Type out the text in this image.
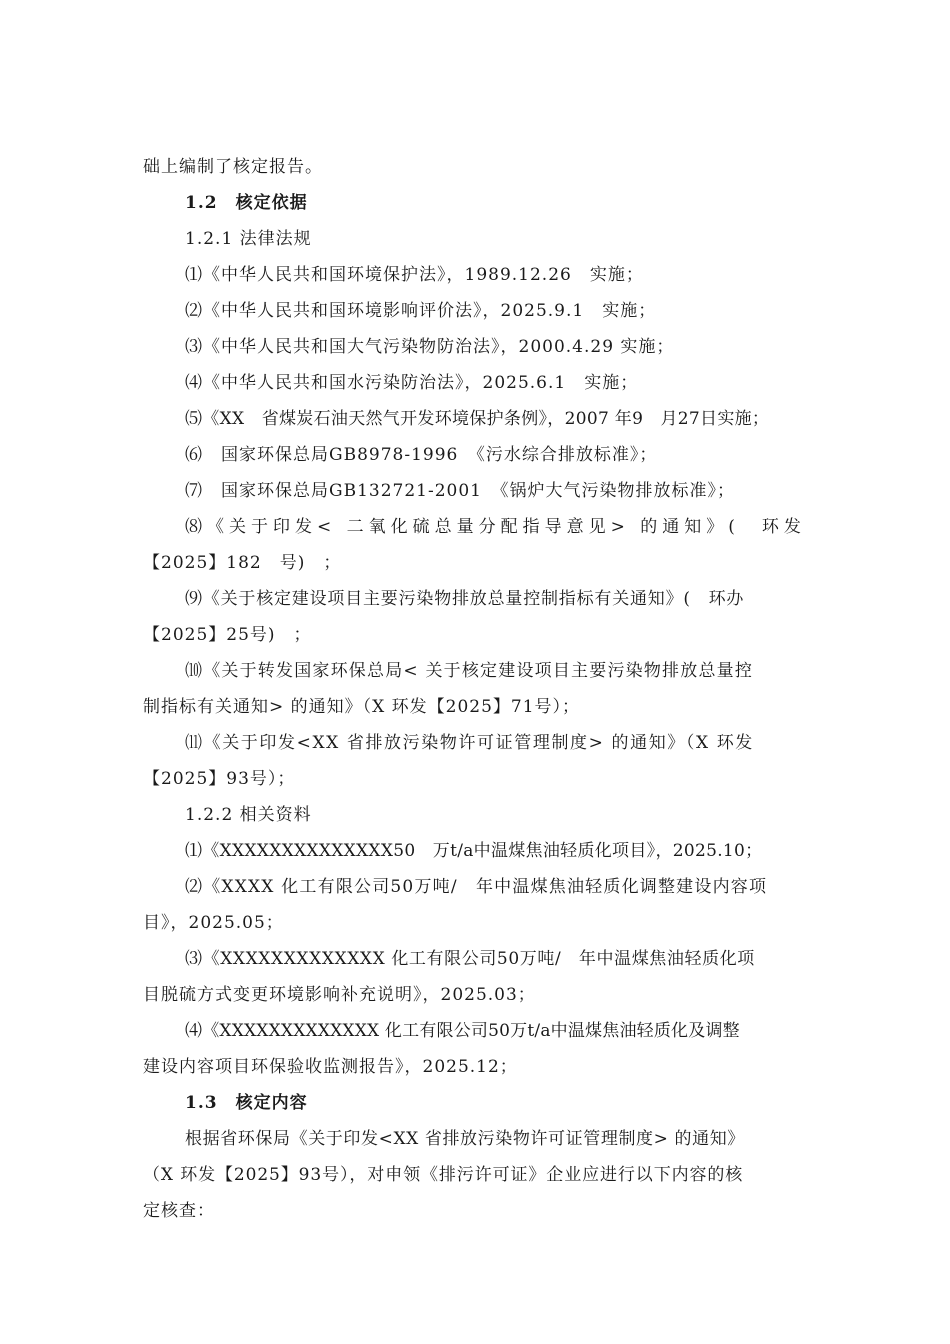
础上编制了核定报告。
1.2　核定依据
1.2.1 法律法规
⑴《中华人民共和国环境保护法》，1989.12.26　实施；
⑵《中华人民共和国环境影响评价法》，2025.9.1　实施；
⑶《中华人民共和国大气污染物防治法》，2000.4.29 实施；
⑷《中华人民共和国水污染防治法》，2025.6.1　实施；
⑸《XX　省煤炭石油天然气开发环境保护条例》，2007 年9　月27日实施；
⑹　国家环保总局GB8978-1996　《污水综合排放标准》；
⑺　国家环保总局GB132721-2001　《锅炉大气污染物排放标准》；
⑻《关于印发< 二氧化硫总量分配指导意见> 的通知》(　环发
【2025】182　号)　；
⑼《关于核定建设项目主要污染物排放总量控制指标有关通知》(　环办
【2025】25号)　；
⑽《关于转发国家环保总局< 关于核定建设项目主要污染物排放总量控
制指标有关通知> 的通知》（X 环发【2025】71号）；
⑾《关于印发<XX 省排放污染物许可证管理制度> 的通知》（X 环发
【2025】93号）；
1.2.2 相关资料
⑴《XXXXXXXXXXXXXX50　万t/a中温煤焦油轻质化项目》，2025.10；
⑵《XXXX 化工有限公司50万吨/　年中温煤焦油轻质化调整建设内容项
目》，2025.05；
⑶《XXXXXXXXXXXXX 化工有限公司50万吨/　年中温煤焦油轻质化项
目脱硫方式变更环境影响补充说明》，2025.03；
⑷《XXXXXXXXXXXXX 化工有限公司50万t/a中温煤焦油轻质化及调整
建设内容项目环保验收监测报告》，2025.12；
1.3　核定内容
根据省环保局《关于印发<XX 省排放污染物许可证管理制度> 的通知》
（X 环发【2025】93号），对申领《排污许可证》企业应进行以下内容的核
定核查：
